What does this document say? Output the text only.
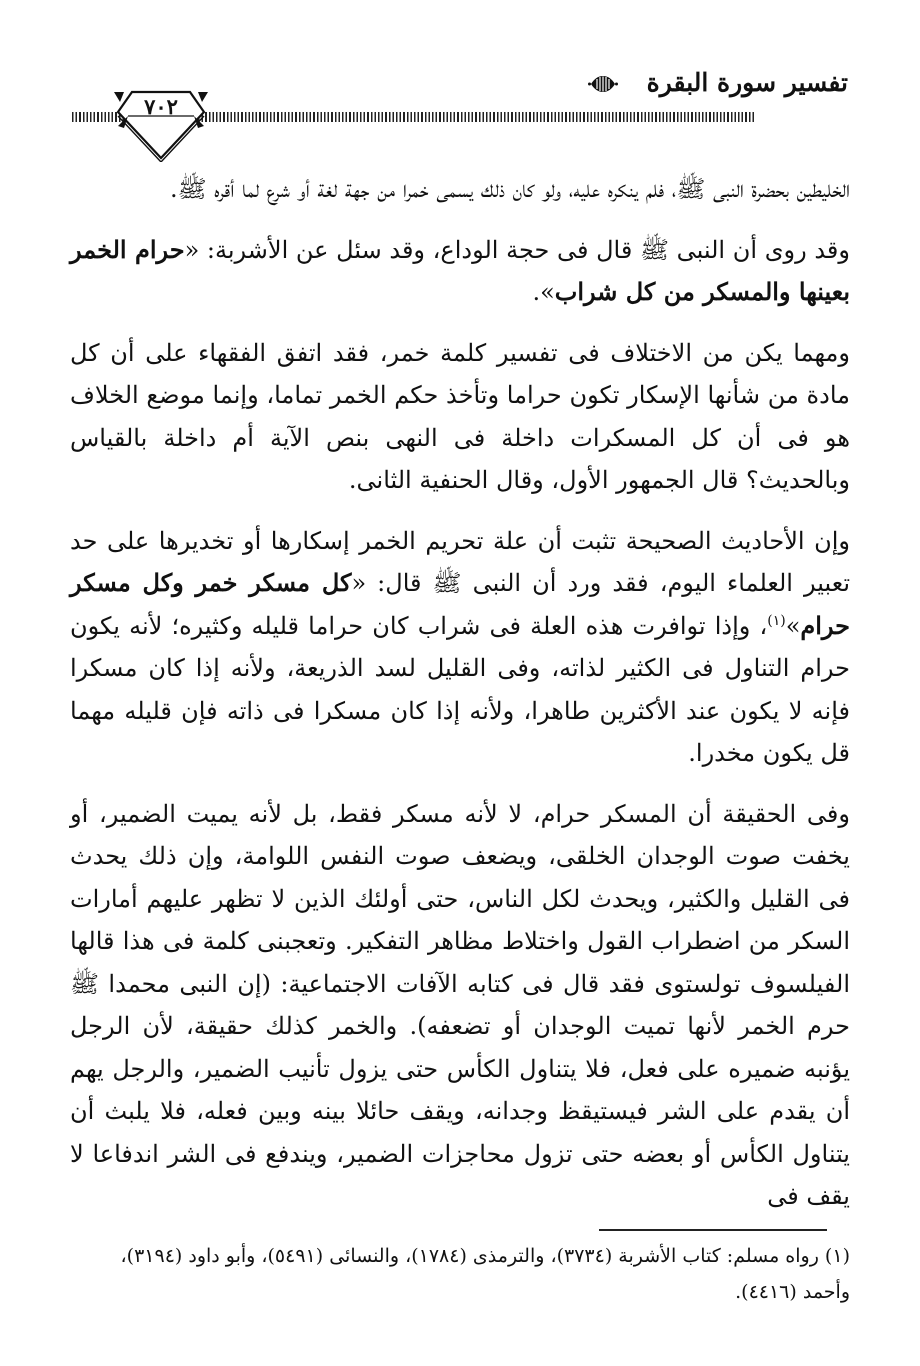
تفسير سورة البقرة
٧٠٢

الخليطين بحضرة النبى ﷺ، فلم ينكره عليه، ولو كان ذلك يسمى خمرا من جهة لغة أو شرع لما أقره ﷺ.

وقد روى أن النبى ﷺ قال فى حجة الوداع، وقد سئل عن الأشربة: «حرام الخمر بعينها والمسكر من كل شراب».

ومهما يكن من الاختلاف فى تفسير كلمة خمر، فقد اتفق الفقهاء على أن كل مادة من شأنها الإسكار تكون حراما وتأخذ حكم الخمر تماما، وإنما موضع الخلاف هو فى أن كل المسكرات داخلة فى النهى بنص الآية أم داخلة بالقياس وبالحديث؟ قال الجمهور الأول، وقال الحنفية الثانى.

وإن الأحاديث الصحيحة تثبت أن علة تحريم الخمر إسكارها أو تخديرها على حد تعبير العلماء اليوم، فقد ورد أن النبى ﷺ قال: «كل مسكر خمر وكل مسكر حرام»$^{(١)}$، وإذا توافرت هذه العلة فى شراب كان حراما قليله وكثيره؛ لأنه يكون حرام التناول فى الكثير لذاته، وفى القليل لسد الذريعة، ولأنه إذا كان مسكرا فإنه لا يكون عند الأكثرين طاهرا، ولأنه إذا كان مسكرا فى ذاته فإن قليله مهما قل يكون مخدرا.

وفى الحقيقة أن المسكر حرام، لا لأنه مسكر فقط، بل لأنه يميت الضمير، أو يخفت صوت الوجدان الخلقى، ويضعف صوت النفس اللوامة، وإن ذلك يحدث فى القليل والكثير، ويحدث لكل الناس، حتى أولئك الذين لا تظهر عليهم أمارات السكر من اضطراب القول واختلاط مظاهر التفكير. وتعجبنى كلمة فى هذا قالها الفيلسوف تولستوى فقد قال فى كتابه الآفات الاجتماعية: (إن النبى محمدا ﷺ حرم الخمر لأنها تميت الوجدان أو تضعفه). والخمر كذلك حقيقة، لأن الرجل يؤنبه ضميره على فعل، فلا يتناول الكأس حتى يزول تأنيب الضمير، والرجل يهم أن يقدم على الشر فيستيقظ وجدانه، ويقف حائلا بينه وبين فعله، فلا يلبث أن يتناول الكأس أو بعضه حتى تزول محاجزات الضمير، ويندفع فى الشر اندفاعا لا يقف فى

(١) رواه مسلم: كتاب الأشربة (٣٧٣٤)، والترمذى (١٧٨٤)، والنسائى (٥٤٩١)، وأبو داود (٣١٩٤)،
وأحمد (٤٤١٦).
